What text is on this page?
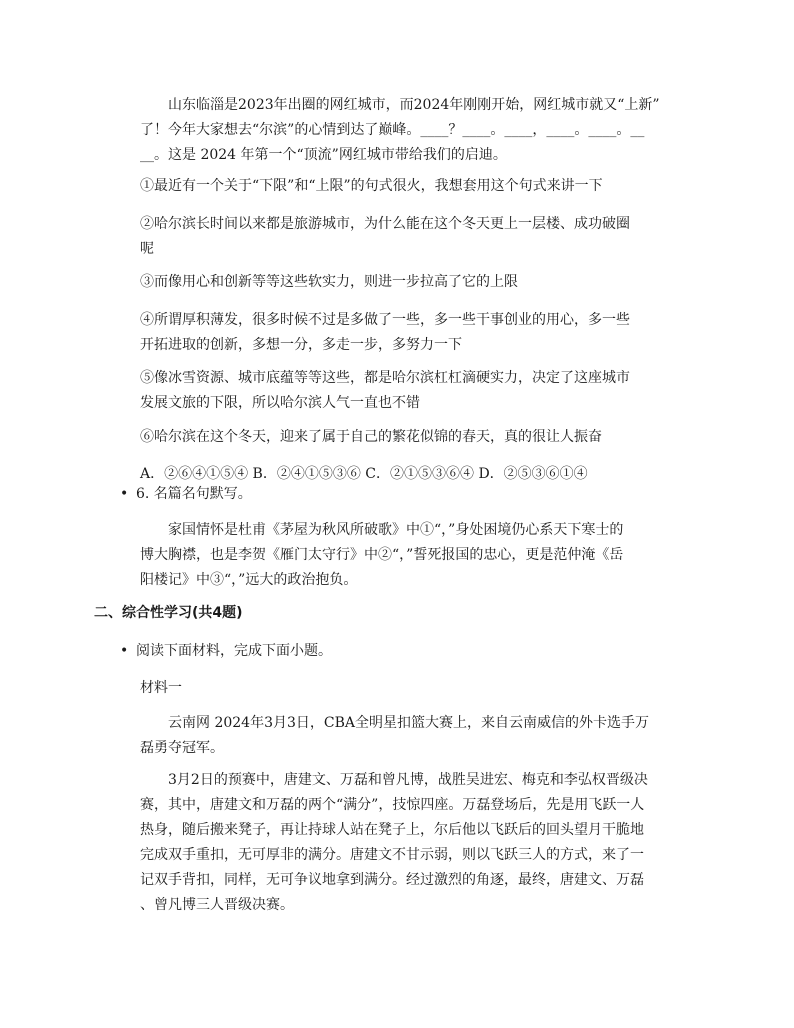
山东临淄是2023年出圈的网红城市，而2024年刚刚开始，网红城市就又“上新”

了！今年大家想去“尔滨”的心情到达了巅峰。____？____。____，____。____。__

__。这是 2024 年第一个“顶流”网红城市带给我们的启迪。

①最近有一个关于“下限”和“上限”的句式很火，我想套用这个句式来讲一下

②哈尔滨长时间以来都是旅游城市，为什么能在这个冬天更上一层楼、成功破圈

呢

③而像用心和创新等等这些软实力，则进一步拉高了它的上限

④所谓厚积薄发，很多时候不过是多做了一些，多一些干事创业的用心，多一些

开拓进取的创新，多想一分，多走一步，多努力一下

⑤像冰雪资源、城市底蕴等等这些，都是哈尔滨杠杠滴硬实力，决定了这座城市

发展文旅的下限，所以哈尔滨人气一直也不错

⑥哈尔滨在这个冬天，迎来了属于自己的繁花似锦的春天，真的很让人振奋

A．②⑥④①⑤④ B．②④①⑤③⑥ C．②①⑤③⑥④ D．②⑤③⑥①④
• 6. 名篇名句默写。

家国情怀是杜甫《茅屋为秋风所破歌》中①“，”身处困境仍心系天下寒士的

博大胸襟，也是李贺《雁门太守行》中②“，”誓死报国的忠心，更是范仲淹《岳

阳楼记》中③“，”远大的政治抱负。

二、综合性学习(共4题)
• 阅读下面材料，完成下面小题。
材料一

云南网 2024年3月3日，CBA全明星扣篮大赛上，来自云南威信的外卡选手万

磊勇夺冠军。

3月2日的预赛中，唐建文、万磊和曾凡博，战胜吴进宏、梅克和李弘权晋级决

赛，其中，唐建文和万磊的两个“满分”，技惊四座。万磊登场后，先是用飞跃一人

热身，随后搬来凳子，再让持球人站在凳子上，尔后他以飞跃后的回头望月干脆地

完成双手重扣，无可厚非的满分。唐建文不甘示弱，则以飞跃三人的方式，来了一

记双手背扣，同样，无可争议地拿到满分。经过激烈的角逐，最终，唐建文、万磊

、曾凡博三人晋级决赛。
